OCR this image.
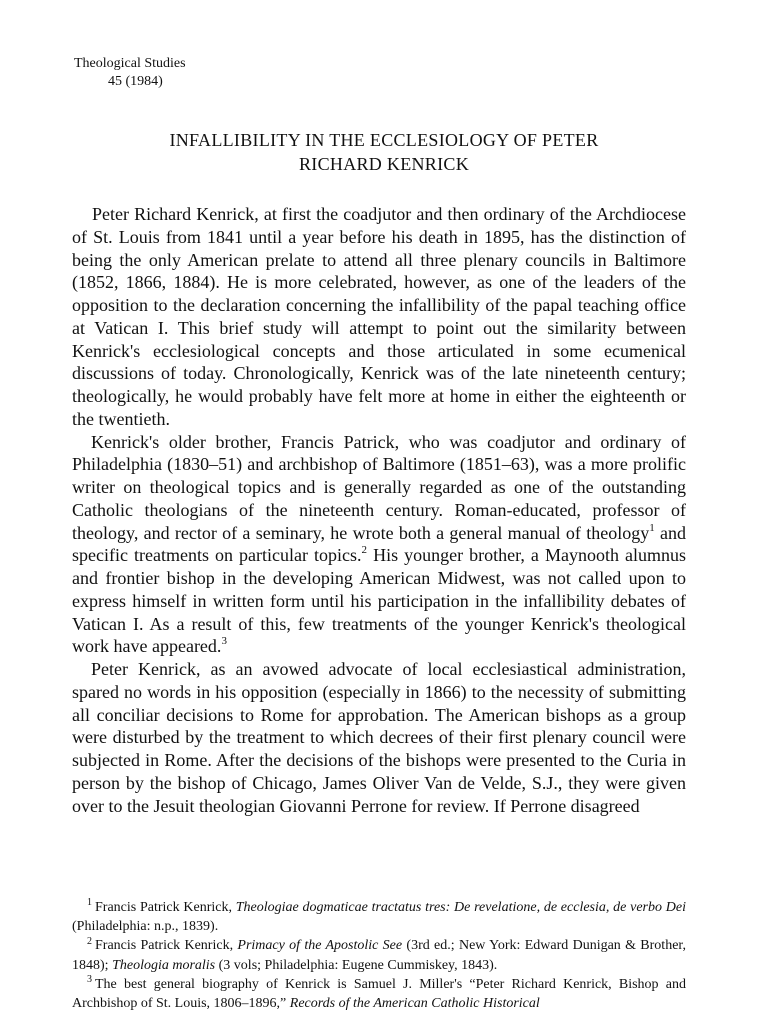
Theological Studies
45 (1984)
INFALLIBILITY IN THE ECCLESIOLOGY OF PETER
RICHARD KENRICK

Peter Richard Kenrick, at first the coadjutor and then ordinary of the Archdiocese of St. Louis from 1841 until a year before his death in 1895, has the distinction of being the only American prelate to attend all three plenary councils in Baltimore (1852, 1866, 1884). He is more celebrated, however, as one of the leaders of the opposition to the declaration concerning the infallibility of the papal teaching office at Vatican I. This brief study will attempt to point out the similarity between Kenrick's ecclesiological concepts and those articulated in some ecumenical discussions of today. Chronologically, Kenrick was of the late nineteenth century; theologically, he would probably have felt more at home in either the eighteenth or the twentieth.

Kenrick's older brother, Francis Patrick, who was coadjutor and ordinary of Philadelphia (1830–51) and archbishop of Baltimore (1851–63), was a more prolific writer on theological topics and is generally regarded as one of the outstanding Catholic theologians of the nineteenth century. Roman-educated, professor of theology, and rector of a seminary, he wrote both a general manual of theology$^1$ and specific treatments on particular topics.$^2$ His younger brother, a Maynooth alumnus and frontier bishop in the developing American Midwest, was not called upon to express himself in written form until his participation in the infallibility debates of Vatican I. As a result of this, few treatments of the younger Kenrick's theological work have appeared.$^3$

Peter Kenrick, as an avowed advocate of local ecclesiastical administration, spared no words in his opposition (especially in 1866) to the necessity of submitting all conciliar decisions to Rome for approbation. The American bishops as a group were disturbed by the treatment to which decrees of their first plenary council were subjected in Rome. After the decisions of the bishops were presented to the Curia in person by the bishop of Chicago, James Oliver Van de Velde, S.J., they were given over to the Jesuit theologian Giovanni Perrone for review. If Perrone disagreed

$^1$ Francis Patrick Kenrick, Theologiae dogmaticae tractatus tres: De revelatione, de ecclesia, de verbo Dei (Philadelphia: n.p., 1839).

$^2$ Francis Patrick Kenrick, Primacy of the Apostolic See (3rd ed.; New York: Edward Dunigan & Brother, 1848); Theologia moralis (3 vols; Philadelphia: Eugene Cummiskey, 1843).

$^3$ The best general biography of Kenrick is Samuel J. Miller's “Peter Richard Kenrick, Bishop and Archbishop of St. Louis, 1806–1896,” Records of the American Catholic Historical
